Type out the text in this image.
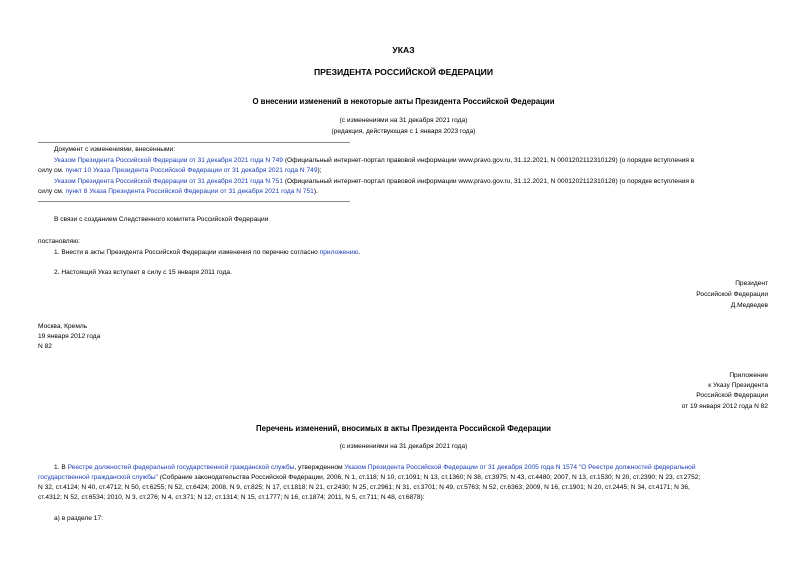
УКАЗ
ПРЕЗИДЕНТА РОССИЙСКОЙ ФЕДЕРАЦИИ
О внесении изменений в некоторые акты Президента Российской Федерации
(с изменениями на 31 декабря 2021 года)
(редакция, действующая с 1 января 2023 года)
Документ с изменениями, внесенными:
Указом Президента Российской Федерации от 31 декабря 2021 года N 749 (Официальный интернет-портал правовой информации www.pravo.gov.ru, 31.12.2021, N 0001202112310129) (о порядке вступления в
силу см. пункт 10 Указа Президента Российской Федерации от 31 декабря 2021 года N 749);
Указом Президента Российской Федерации от 31 декабря 2021 года N 751 (Официальный интернет-портал правовой информации www.pravo.gov.ru, 31.12.2021, N 0001202112310128) (о порядке вступления в
силу см. пункт 8 Указа Президента Российской Федерации от 31 декабря 2021 года N 751).
В связи с созданием Следственного комитета Российской Федерации
постановляю:
1. Внести в акты Президента Российской Федерации изменения по перечню согласно приложению.
2. Настоящий Указ вступает в силу с 15 января 2011 года.
Президент
Российской Федерации
Д.Медведев
Москва, Кремль
19 января 2012 года
N 82
Приложение
к Указу Президента
Российской Федерации
от 19 января 2012 года N 82
Перечень изменений, вносимых в акты Президента Российской Федерации
(с изменениями на 31 декабря 2021 года)
1. В Реестре должностей федеральной государственной гражданской службы, утвержденном Указом Президента Российской Федерации от 31 декабря 2005 года N 1574 "О Реестре должностей федеральной
государственной гражданской службы" (Собрание законодательства Российской Федерации, 2006, N 1, ст.118; N 10, ст.1091; N 13, ст.1360; N 38, ст.3975; N 43, ст.4480; 2007, N 13, ст.1530; N 20, ст.2390; N 23, ст.2752;
N 32, ст.4124; N 40, ст.4712; N 50, ст.6255; N 52, ст.6424; 2008, N 9, ст.825; N 17, ст.1818; N 21, ст.2430; N 25, ст.2961; N 31, ст.3701; N 49, ст.5763; N 52, ст.6363; 2009, N 16, ст.1901; N 20, ст.2445; N 34, ст.4171; N 36,
ст.4312; N 52, ст.6534; 2010, N 3, ст.276; N 4, ст.371; N 12, ст.1314; N 15, ст.1777; N 16, ст.1874; 2011, N 5, ст.711; N 48, ст.6878):
а) в разделе 17:
